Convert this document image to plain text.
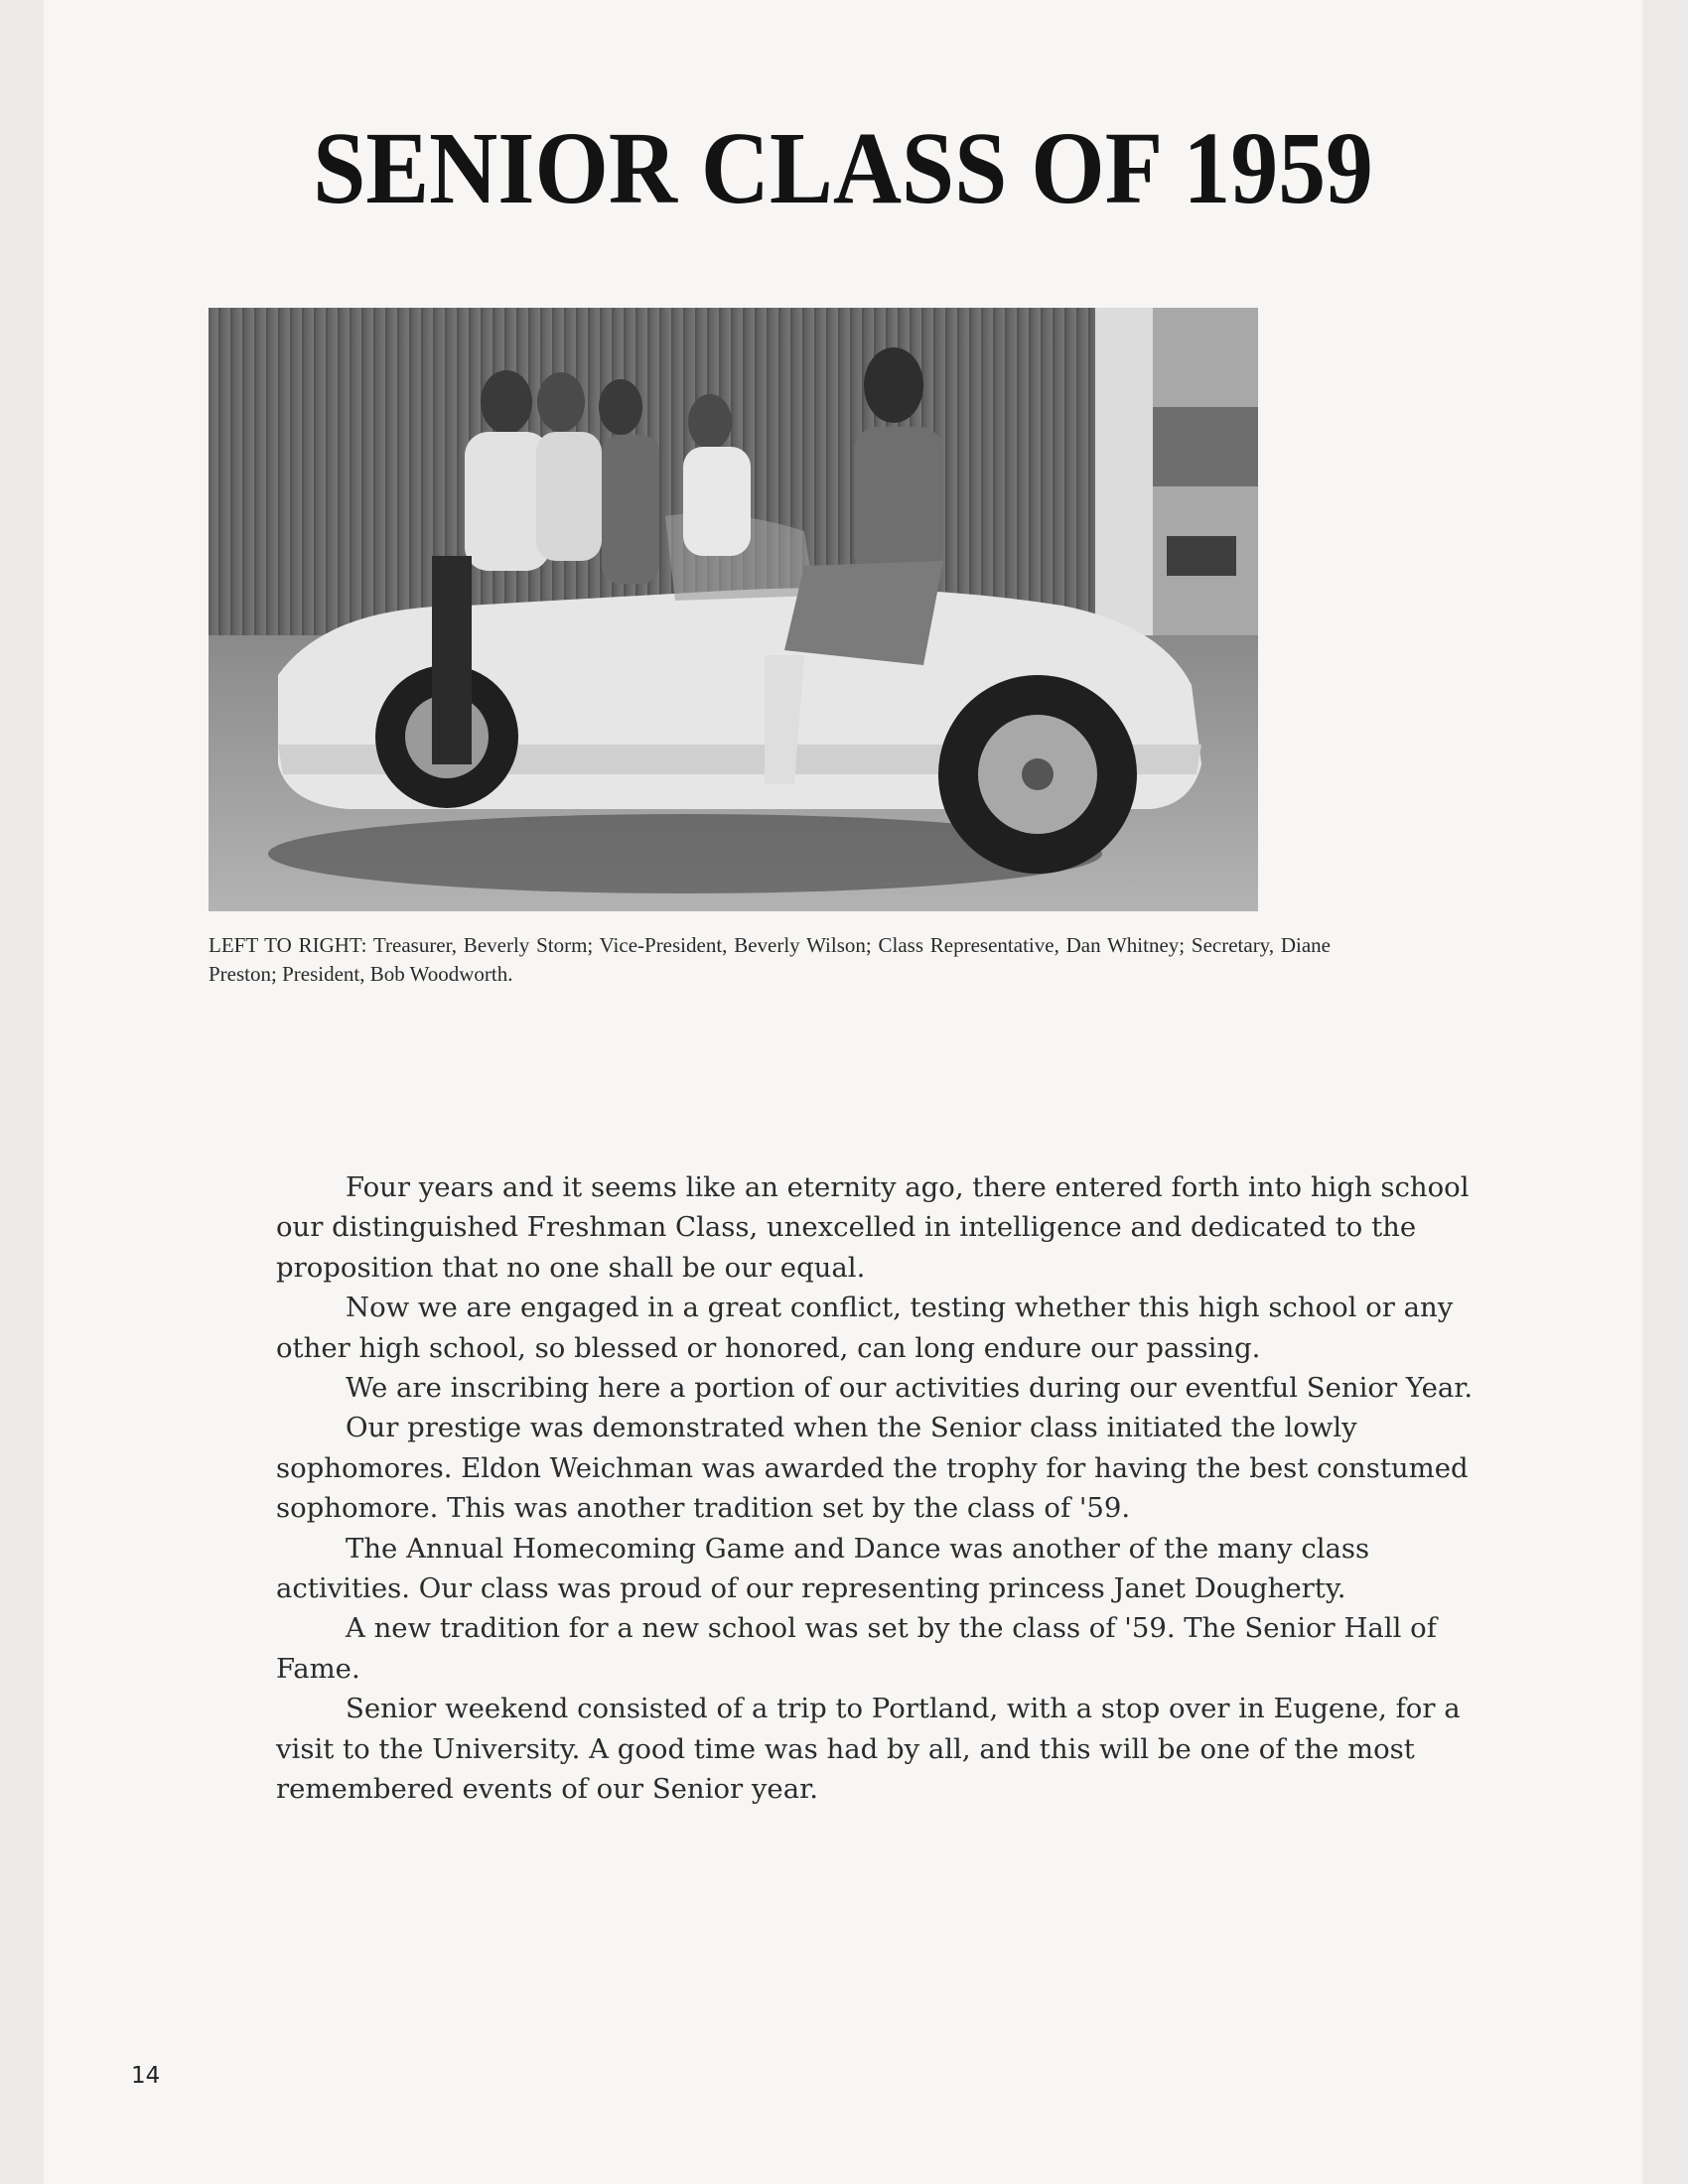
SENIOR CLASS OF 1959
LEFT TO RIGHT: Treasurer, Beverly Storm; Vice-President, Beverly Wilson; Class Representative, Dan Whitney; Secretary, Diane Preston; President, Bob Woodworth.

Four years and it seems like an eternity ago, there entered forth into high school our distinguished Freshman Class, unexcelled in intelligence and dedicated to the proposition that no one shall be our equal.

Now we are engaged in a great conflict, testing whether this high school or any other high school, so blessed or honored, can long endure our passing.

We are inscribing here a portion of our activities during our eventful Senior Year.

Our prestige was demonstrated when the Senior class initiated the lowly sophomores. Eldon Weichman was awarded the trophy for having the best constumed sophomore. This was another tradition set by the class of '59.

The Annual Homecoming Game and Dance was another of the many class activities. Our class was proud of our representing princess Janet Dougherty.

A new tradition for a new school was set by the class of '59. The Senior Hall of Fame.

Senior weekend consisted of a trip to Portland, with a stop over in Eugene, for a visit to the University. A good time was had by all, and this will be one of the most remembered events of our Senior year.

14
